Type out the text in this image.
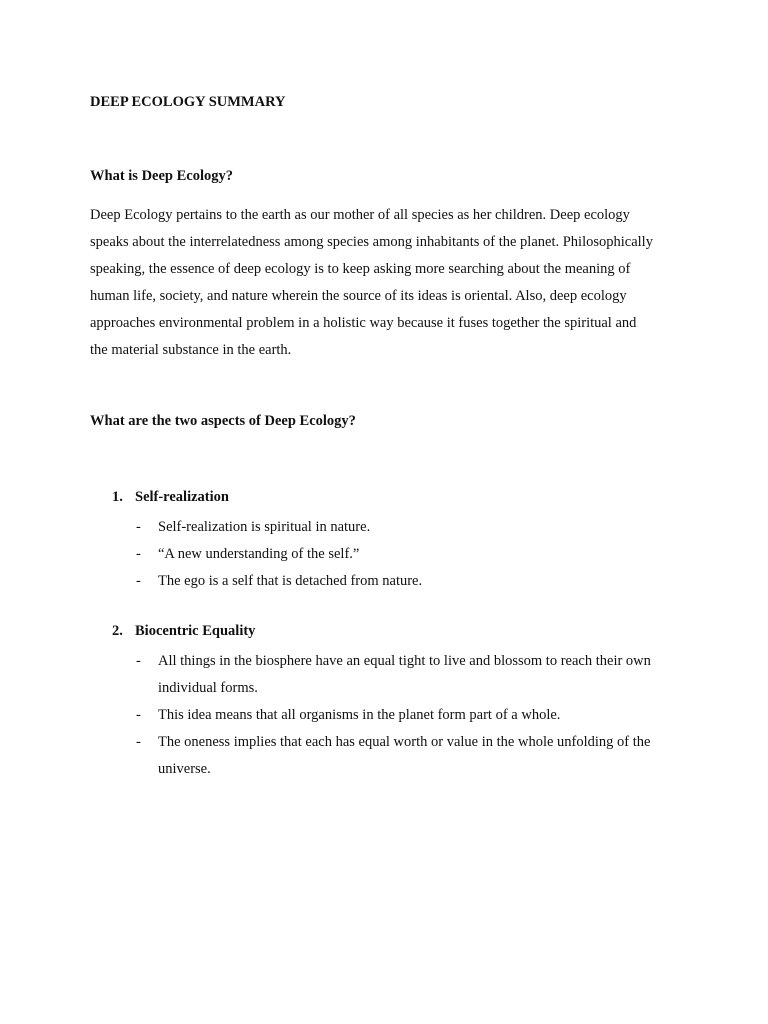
DEEP ECOLOGY SUMMARY
What is Deep Ecology?

Deep Ecology pertains to the earth as our mother of all species as her children. Deep ecology
speaks about the interrelatedness among species among inhabitants of the planet. Philosophically
speaking, the essence of deep ecology is to keep asking more searching about the meaning of
human life, society, and nature wherein the source of its ideas is oriental. Also, deep ecology
approaches environmental problem in a holistic way because it fuses together the spiritual and
the material substance in the earth.

What are the two aspects of Deep Ecology?
1. Self-realization
- Self-realization is spiritual in nature.
- “A new understanding of the self.”
- The ego is a self that is detached from nature.
2. Biocentric Equality
- All things in the biosphere have an equal tight to live and blossom to reach their own
individual forms.
- This idea means that all organisms in the planet form part of a whole.
- The oneness implies that each has equal worth or value in the whole unfolding of the
universe.
